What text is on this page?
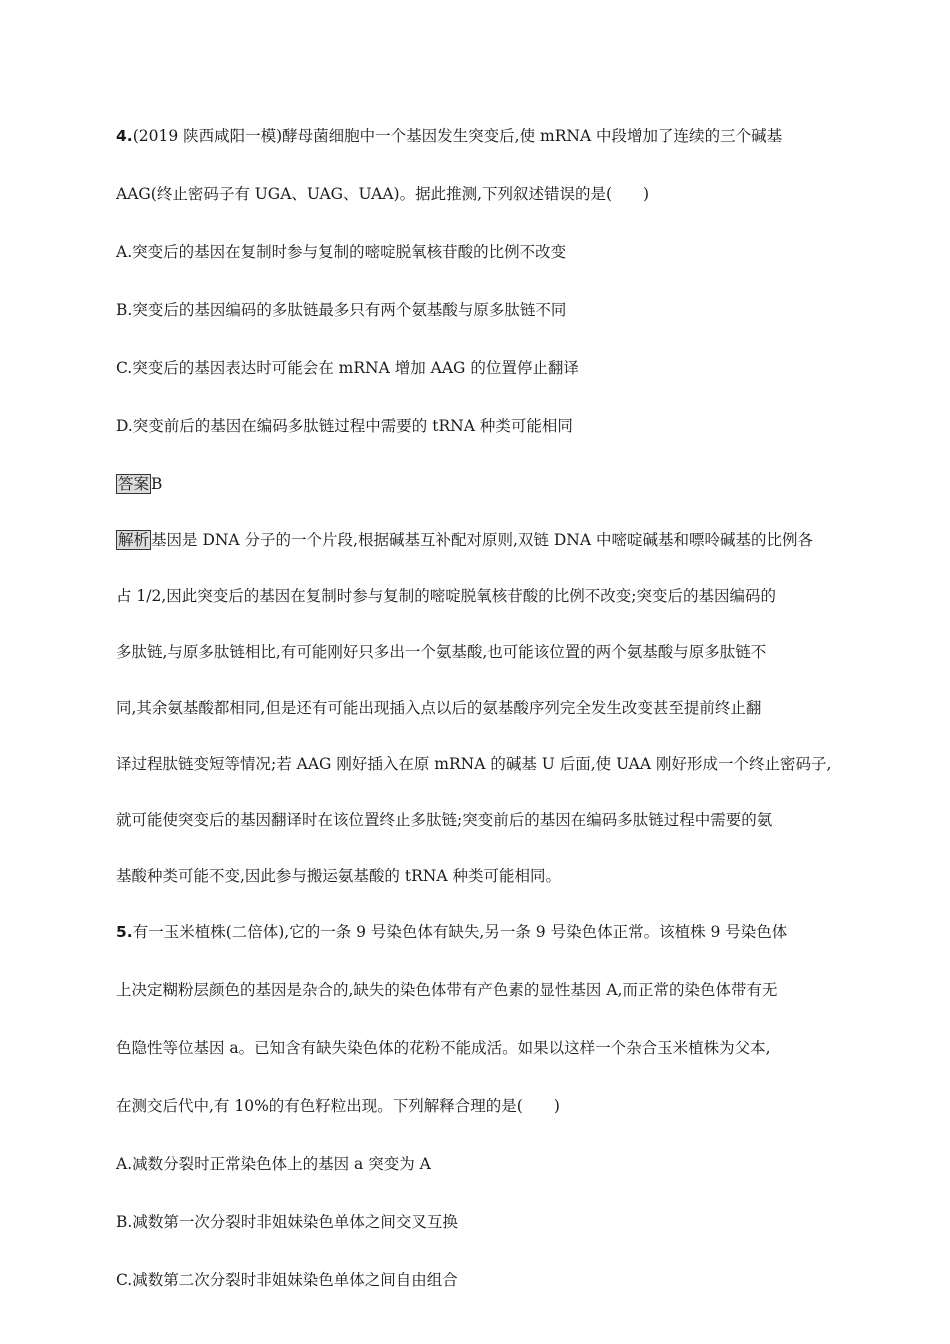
4.(2019 陕西咸阳一模)酵母菌细胞中一个基因发生突变后,使 mRNA 中段增加了连续的三个碱基
AAG(终止密码子有 UGA、UAG、UAA)。据此推测,下列叙述错误的是(　　)
A.突变后的基因在复制时参与复制的嘧啶脱氧核苷酸的比例不改变
B.突变后的基因编码的多肽链最多只有两个氨基酸与原多肽链不同
C.突变后的基因表达时可能会在 mRNA 增加 AAG 的位置停止翻译
D.突变前后的基因在编码多肽链过程中需要的 tRNA 种类可能相同
答案 B
解析 基因是 DNA 分子的一个片段,根据碱基互补配对原则,双链 DNA 中嘧啶碱基和嘌呤碱基的比例各
占 1/2,因此突变后的基因在复制时参与复制的嘧啶脱氧核苷酸的比例不改变;突变后的基因编码的
多肽链,与原多肽链相比,有可能刚好只多出一个氨基酸,也可能该位置的两个氨基酸与原多肽链不
同,其余氨基酸都相同,但是还有可能出现插入点以后的氨基酸序列完全发生改变甚至提前终止翻
译过程肽链变短等情况;若 AAG 刚好插入在原 mRNA 的碱基 U 后面,使 UAA 刚好形成一个终止密码子,
就可能使突变后的基因翻译时在该位置终止多肽链;突变前后的基因在编码多肽链过程中需要的氨
基酸种类可能不变,因此参与搬运氨基酸的 tRNA 种类可能相同。
5.有一玉米植株(二倍体),它的一条 9 号染色体有缺失,另一条 9 号染色体正常。该植株 9 号染色体
上决定糊粉层颜色的基因是杂合的,缺失的染色体带有产色素的显性基因 A,而正常的染色体带有无
色隐性等位基因 a。已知含有缺失染色体的花粉不能成活。如果以这样一个杂合玉米植株为父本,
在测交后代中,有 10%的有色籽粒出现。下列解释合理的是(　　)
A.减数分裂时正常染色体上的基因 a 突变为 A
B.减数第一次分裂时非姐妹染色单体之间交叉互换
C.减数第二次分裂时非姐妹染色单体之间自由组合
